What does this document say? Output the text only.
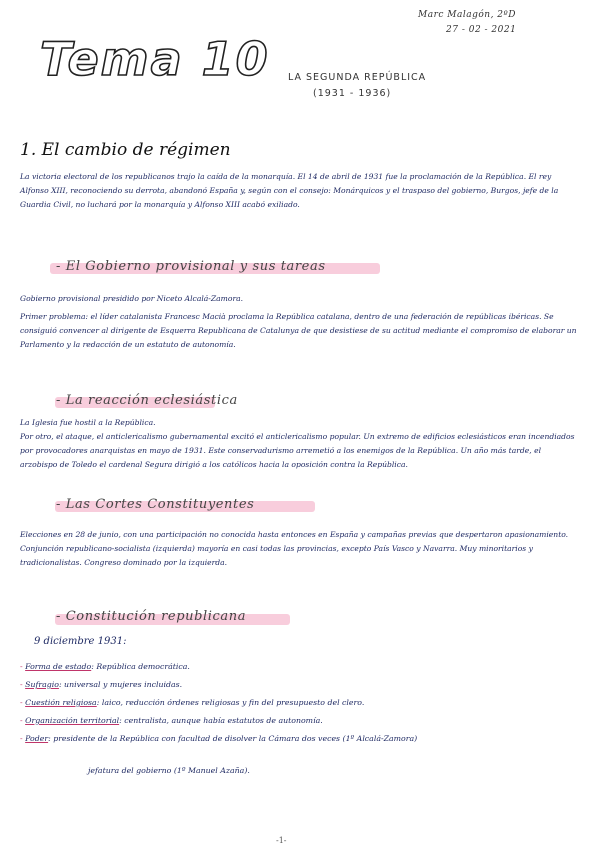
Marc Malagón, 2ºD
27 - 02 - 2021
Tema 10 LA SEGUNDA REPÚBLICA
(1931 - 1936)
1. El cambio de régimen
La victoria electoral de los republicanos trajo la caída de la monarquía. El 14 de abril de 1931 fue la proclamación de la República. El rey Alfonso XIII, reconociendo su derrota, abandonó España y, según con el consejo: Monárquicos y el traspaso del gobierno, Burgos, jefe de la Guardia Civil, no luchará por la monarquía y Alfonso XIII acabó exiliado.
- El Gobierno provisional y sus tareas
Gobierno provisional presidido por Niceto Alcalá-Zamora.
Primer problema: el líder catalanista Francesc Macià proclama la República catalana, dentro de una federación de repúblicas ibéricas. Se consiguió convencer al dirigente de Esquerra Republicana de Catalunya de que desistiese de su actitud mediante el compromiso de elaborar un Parlamento y la redacción de un estatuto de autonomía.
- La reacción eclesiástica
La Iglesia fue hostil a la República.
Por otro, el ataque, el anticlericalismo gubernamental excitó el anticlericalismo popular. Un extremo de edificios eclesiásticos eran incendiados por provocadores anarquistas en mayo de 1931. Este conservadurismo arremetió a los enemigos de la República. Un año más tarde, el arzobispo de Toledo el cardenal Segura dirigió a los católicos hacia la oposición contra la República.
- Las Cortes Constituyentes
Elecciones en 28 de junio, con una participación no conocida hasta entonces en España y campañas previas que despertaron apasionamiento. Conjunción republicano-socialista (izquierda) mayoría en casi todas las provincias, excepto País Vasco y Navarra. Muy minoritarios y tradicionalistas. Congreso dominado por la izquierda.
- Constitución republicana
9 diciembre 1931:
- Forma de estado: República democrática.
- Sufragio: universal y mujeres incluidas.
- Cuestión religiosa: laico, reducción órdenes religiosas y fin del presupuesto del clero.
- Organización territorial: centralista, aunque había estatutos de autonomía.
- Poder: presidente de la República con facultad de disolver la Cámara dos veces (1º Alcalá-Zamora)
jefatura del gobierno (1º Manuel Azaña).
-1-
